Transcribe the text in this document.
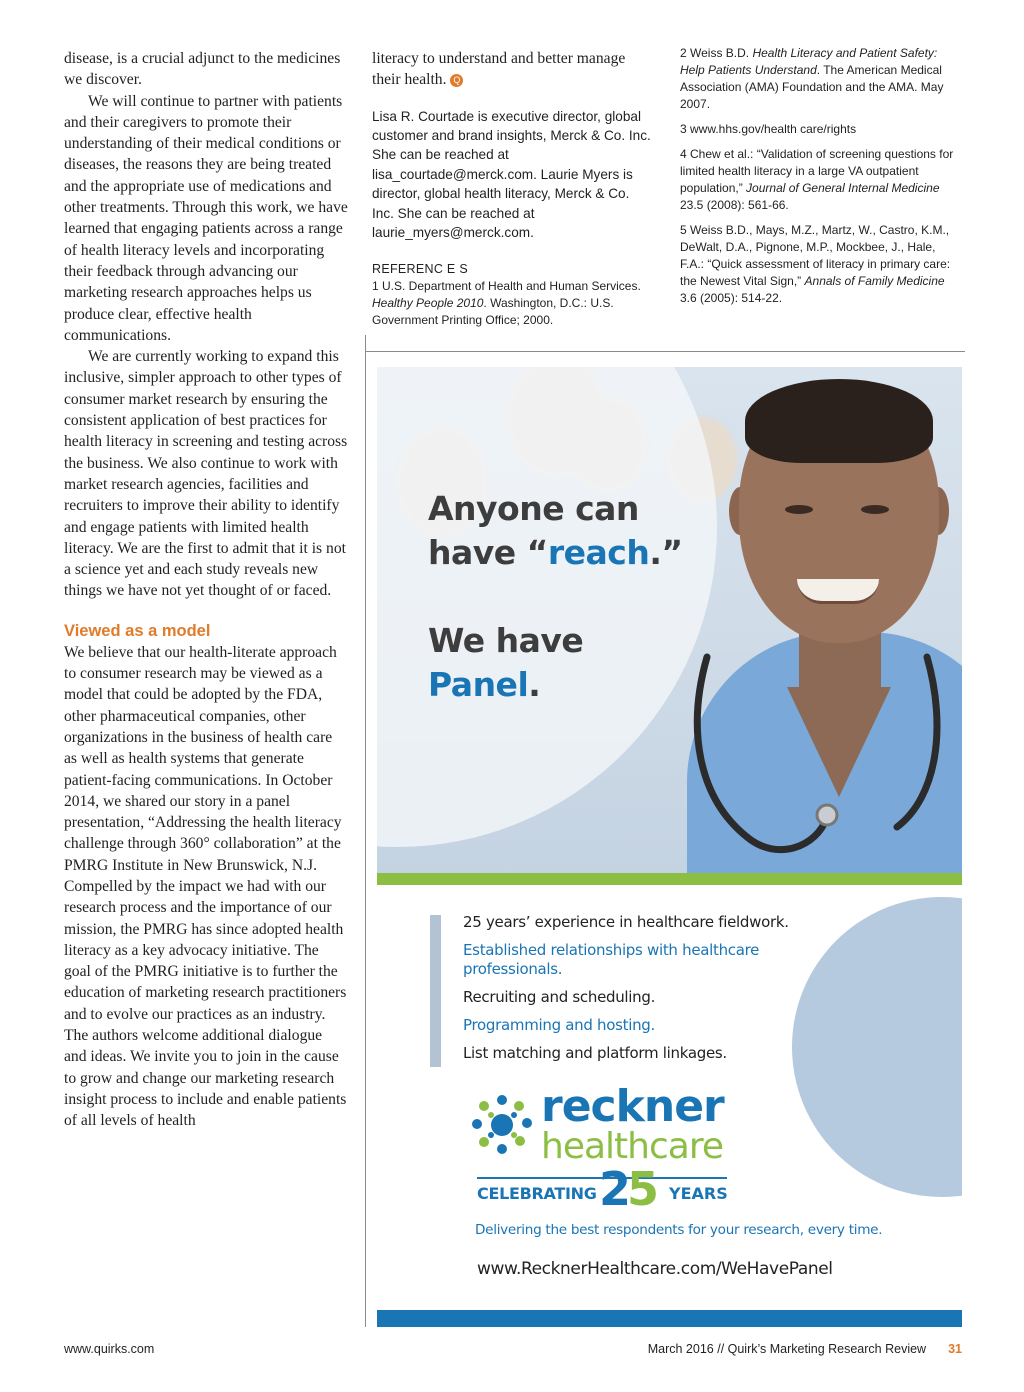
disease, is a crucial adjunct to the medicines we discover.

We will continue to partner with patients and their caregivers to promote their understanding of their medical conditions or diseases, the reasons they are being treated and the appropriate use of medications and other treatments. Through this work, we have learned that engaging patients across a range of health literacy levels and incorporating their feedback through advancing our marketing research approaches helps us produce clear, effective health communications.

We are currently working to expand this inclusive, simpler approach to other types of consumer market research by ensuring the consistent application of best practices for health literacy in screening and testing across the business. We also continue to work with market research agencies, facilities and recruiters to improve their ability to identify and engage patients with limited health literacy. We are the first to admit that it is not a science yet and each study reveals new things we have not yet thought of or faced.

Viewed as a model

We believe that our health-literate approach to consumer research may be viewed as a model that could be adopted by the FDA, other pharmaceutical companies, other organizations in the business of health care as well as health systems that generate patient-facing communications. In October 2014, we shared our story in a panel presentation, “Addressing the health literacy challenge through 360° collaboration” at the PMRG Institute in New Brunswick, N.J. Compelled by the impact we had with our research process and the importance of our mission, the PMRG has since adopted health literacy as a key advocacy initiative. The goal of the PMRG initiative is to further the education of marketing research practitioners and to evolve our practices as an industry. The authors welcome additional dialogue and ideas. We invite you to join in the cause to grow and change our marketing research insight process to include and enable patients of all levels of health

literacy to understand and better manage their health. Q

Lisa R. Courtade is executive director, global customer and brand insights, Merck & Co. Inc. She can be reached at lisa_courtade@merck.com. Laurie Myers is director, global health literacy, Merck & Co. Inc. She can be reached at laurie_myers@merck.com.

REFERENC E S

1 U.S. Department of Health and Human Services. Healthy People 2010. Washington, D.C.: U.S. Government Printing Office; 2000.

2 Weiss B.D. Health Literacy and Patient Safety: Help Patients Understand. The American Medical Association (AMA) Foundation and the AMA. May 2007.

3 www.hhs.gov/health care/rights

4 Chew et al.: “Validation of screening questions for limited health literacy in a large VA outpatient population,” Journal of General Internal Medicine 23.5 (2008): 561-66.

5 Weiss B.D., Mays, M.Z., Martz, W., Castro, K.M., DeWalt, D.A., Pignone, M.P., Mockbee, J., Hale, F.A.: “Quick assessment of literacy in primary care: the Newest Vital Sign,” Annals of Family Medicine 3.6 (2005): 514-22.

Anyone can
have “reach.”
We have
Panel.
25 years’ experience in healthcare fieldwork.
Established relationships with healthcare professionals.
Recruiting and scheduling.
Programming and hosting.
List matching and platform linkages.
reckner
healthcare
CELEBRATING 25 YEARS
Delivering the best respondents for your research, every time.
www.RecknerHealthcare.com/WeHavePanel
www.quirks.com	March 2016 // Quirk’s Marketing Research Review 31
